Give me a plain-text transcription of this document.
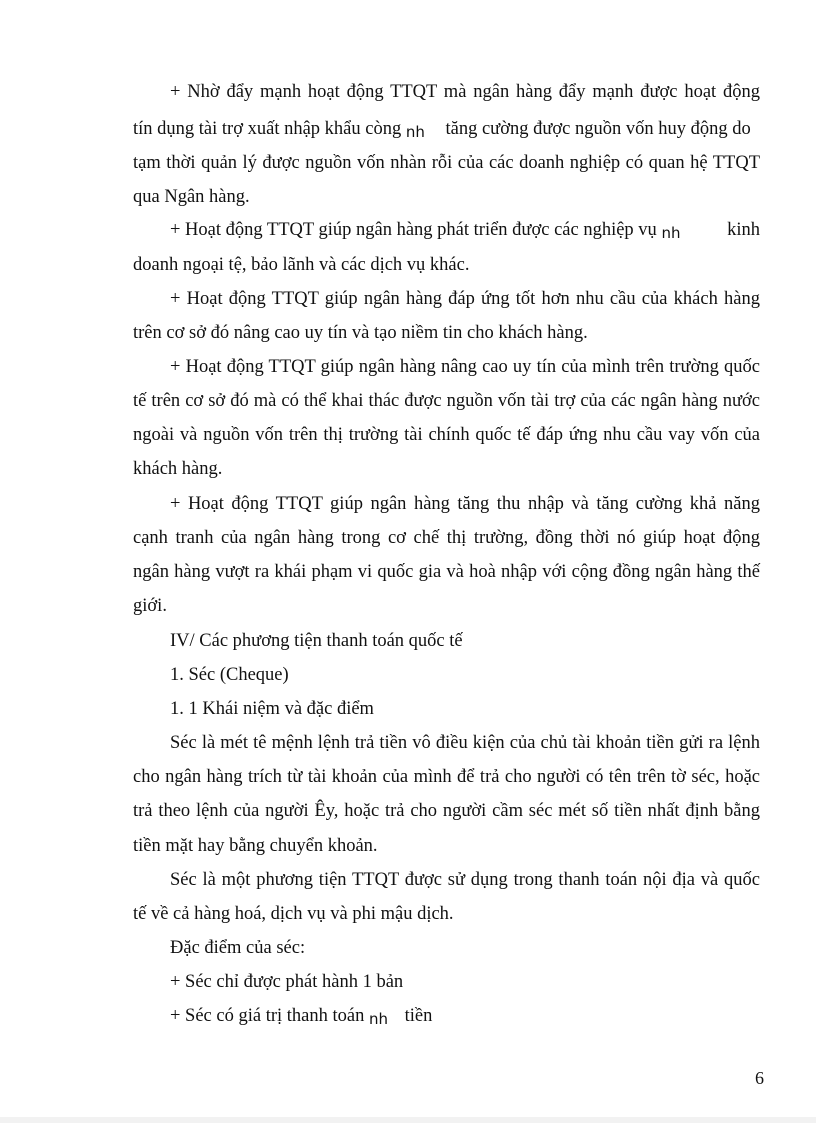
+ Nhờ đẩy mạnh hoạt động TTQT mà ngân hàng đẩy mạnh được hoạt động
tín dụng tài trợ xuất nhập khẩu còng nh tăng cường được nguồn vốn huy động do
tạm thời quản lý được nguồn vốn nhàn rỗi của các doanh nghiệp có quan hệ TTQT
qua Ngân hàng.
+ Hoạt động TTQT giúp ngân hàng phát triển được các nghiệp vụ nh	kinh
doanh ngoại tệ, bảo lãnh và các dịch vụ khác.
+ Hoạt động TTQT giúp ngân hàng đáp ứng tốt hơn nhu cầu của khách hàng
trên cơ sở đó nâng cao uy tín và tạo niềm tin cho khách hàng.
+ Hoạt động TTQT giúp ngân hàng nâng cao uy tín của mình trên trường quốc
tế trên cơ sở đó mà có thể khai thác được nguồn vốn tài trợ của các ngân hàng nước
ngoài và nguồn vốn trên thị trường tài chính quốc tế đáp ứng nhu cầu vay vốn của
khách hàng.
+ Hoạt động TTQT giúp ngân hàng tăng thu nhập và tăng cường khả năng
cạnh tranh của ngân hàng trong cơ chế thị trường, đồng thời nó giúp hoạt động
ngân hàng vượt ra khái phạm vi quốc gia và hoà nhập với cộng đồng ngân hàng thế
giới.
IV/ Các phương tiện thanh toán quốc tế
1. Séc (Cheque)
1. 1 Khái niệm và đặc điểm
Séc là mét tê mệnh lệnh trả tiền vô điều kiện của chủ tài khoản tiền gửi ra lệnh
cho ngân hàng trích từ tài khoản của mình để trả cho người có tên trên tờ séc, hoặc
trả theo lệnh của người Êy, hoặc trả cho người cầm séc mét số tiền nhất định bằng
tiền mặt hay bằng chuyển khoản.
Séc là một phương tiện TTQT được sử dụng trong thanh toán nội địa và quốc
tế về cả hàng hoá, dịch vụ và phi mậu dịch.
Đặc điểm của séc:
+ Séc chỉ được phát hành 1 bản
+ Séc có giá trị thanh toán nh tiền
6
